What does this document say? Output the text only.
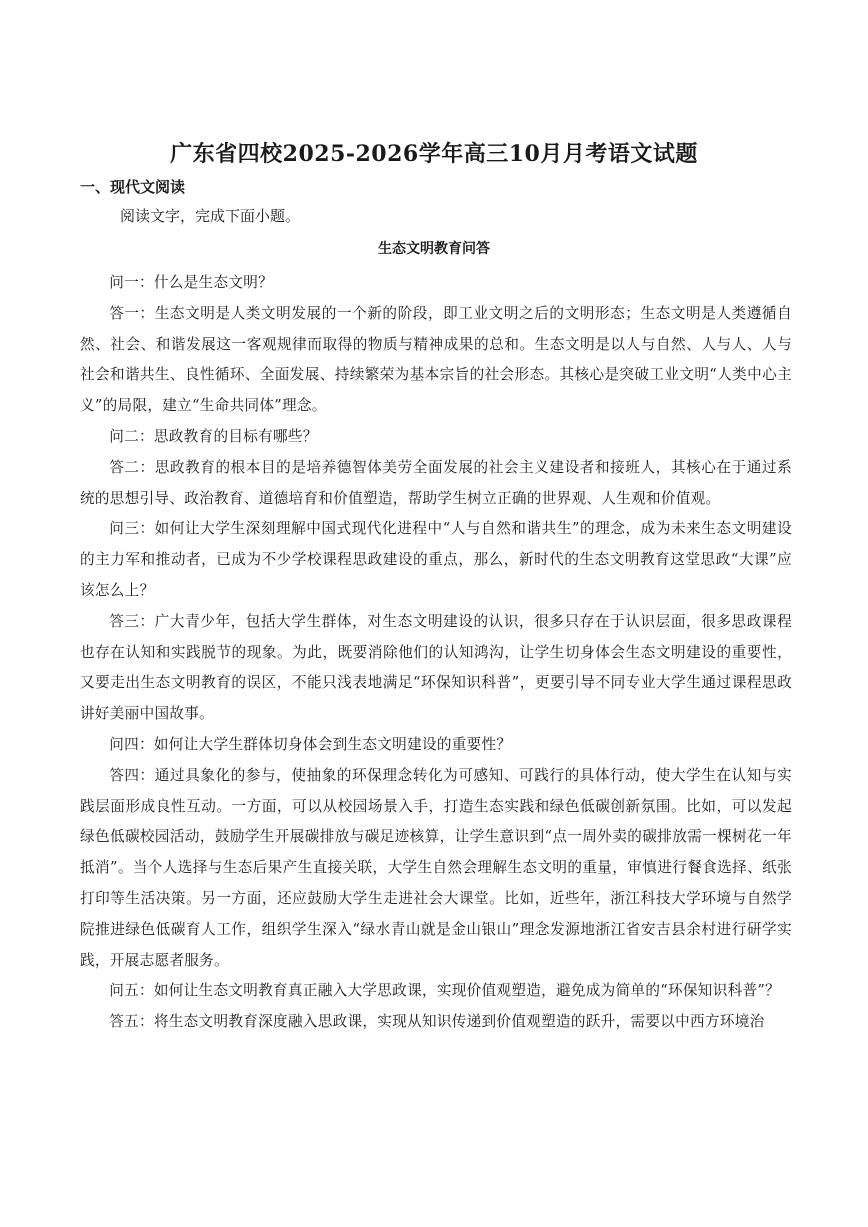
广东省四校2025-2026学年高三10月月考语文试题
一、现代文阅读
阅读文字，完成下面小题。
生态文明教育问答

问一：什么是生态文明？

答一：生态文明是人类文明发展的一个新的阶段，即工业文明之后的文明形态；生态文明是人类遵循自然、社会、和谐发展这一客观规律而取得的物质与精神成果的总和。生态文明是以人与自然、人与人、人与社会和谐共生、良性循环、全面发展、持续繁荣为基本宗旨的社会形态。其核心是突破工业文明“人类中心主义”的局限，建立“生命共同体”理念。

问二：思政教育的目标有哪些？

答二：思政教育的根本目的是培养德智体美劳全面发展的社会主义建设者和接班人，其核心在于通过系统的思想引导、政治教育、道德培育和价值塑造，帮助学生树立正确的世界观、人生观和价值观。

问三：如何让大学生深刻理解中国式现代化进程中“人与自然和谐共生”的理念，成为未来生态文明建设的主力军和推动者，已成为不少学校课程思政建设的重点，那么，新时代的生态文明教育这堂思政“大课”应该怎么上？

答三：广大青少年，包括大学生群体，对生态文明建设的认识，很多只存在于认识层面，很多思政课程也存在认知和实践脱节的现象。为此，既要消除他们的认知鸿沟，让学生切身体会生态文明建设的重要性，又要走出生态文明教育的误区，不能只浅表地满足“环保知识科普”，更要引导不同专业大学生通过课程思政讲好美丽中国故事。

问四：如何让大学生群体切身体会到生态文明建设的重要性？

答四：通过具象化的参与，使抽象的环保理念转化为可感知、可践行的具体行动，使大学生在认知与实践层面形成良性互动。一方面，可以从校园场景入手，打造生态实践和绿色低碳创新氛围。比如，可以发起绿色低碳校园活动，鼓励学生开展碳排放与碳足迹核算，让学生意识到“点一周外卖的碳排放需一棵树花一年抵消”。当个人选择与生态后果产生直接关联，大学生自然会理解生态文明的重量，审慎进行餐食选择、纸张打印等生活决策。另一方面，还应鼓励大学生走进社会大课堂。比如，近些年，浙江科技大学环境与自然学院推进绿色低碳育人工作，组织学生深入“绿水青山就是金山银山”理念发源地浙江省安吉县余村进行研学实践，开展志愿者服务。

问五：如何让生态文明教育真正融入大学思政课，实现价值观塑造，避免成为简单的“环保知识科普”？

答五：将生态文明教育深度融入思政课，实现从知识传递到价值观塑造的跃升，需要以中西方环境治
